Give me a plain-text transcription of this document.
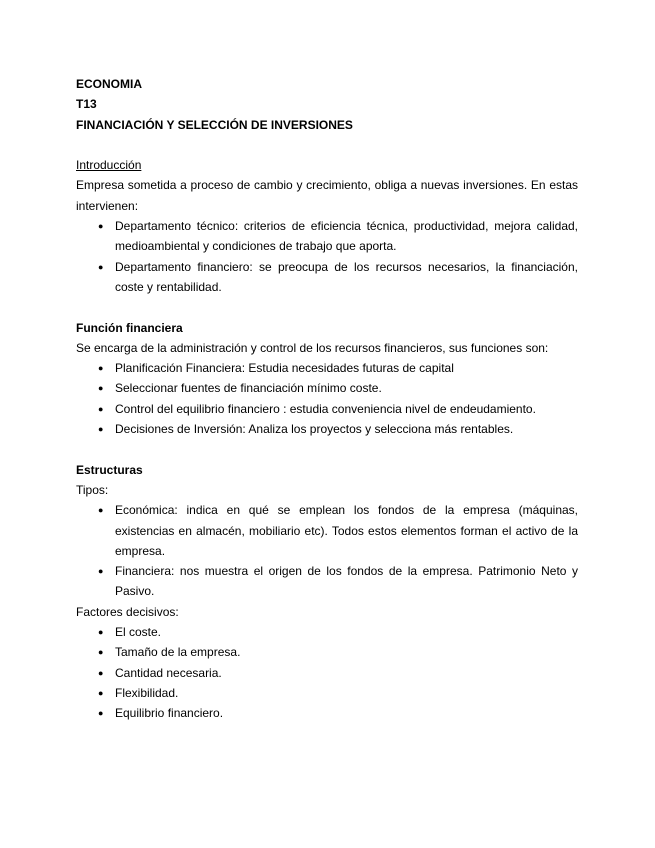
ECONOMIA

T13

FINANCIACIÓN Y SELECCIÓN DE INVERSIONES

Introducción

Empresa sometida a proceso de cambio y crecimiento, obliga a nuevas inversiones. En estas intervienen:

● Departamento técnico: criterios de eficiencia técnica, productividad, mejora calidad, medioambiental y condiciones de trabajo que aporta.
● Departamento financiero: se preocupa de los recursos necesarios, la financiación, coste y rentabilidad.

Función financiera

Se encarga de la administración y control de los recursos financieros, sus funciones son:

● Planificación Financiera: Estudia necesidades futuras de capital
● Seleccionar fuentes de financiación mínimo coste.
● Control del equilibrio financiero : estudia conveniencia nivel de endeudamiento.
● Decisiones de Inversión: Analiza los proyectos y selecciona más rentables.

Estructuras

Tipos:

● Económica: indica en qué se emplean los fondos de la empresa (máquinas, existencias en almacén, mobiliario etc). Todos estos elementos forman el activo de la empresa.
● Financiera: nos muestra el origen de los fondos de la empresa. Patrimonio Neto y Pasivo.

Factores decisivos:

● El coste.
● Tamaño de la empresa.
● Cantidad necesaria.
● Flexibilidad.
● Equilibrio financiero.
